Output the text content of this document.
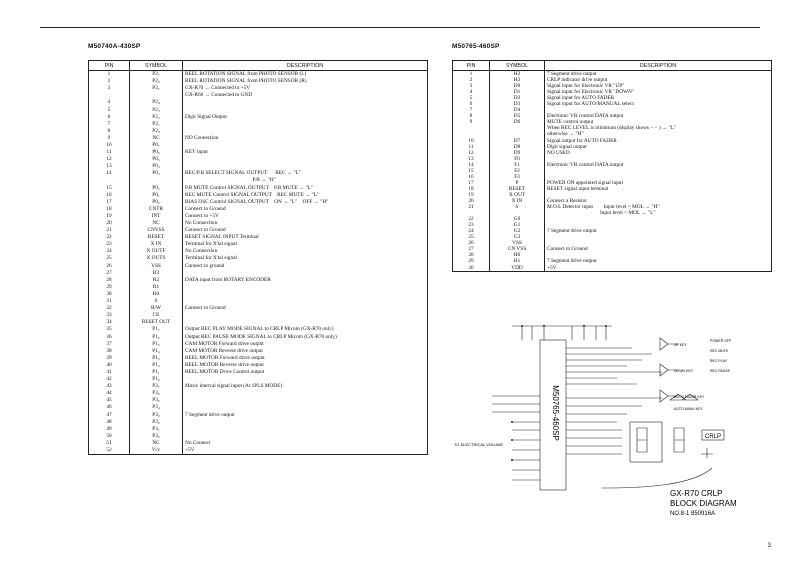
M50740A-430SP	M50765-460SP
PIN	SYMBOL	DESCRIPTION
1	P2₇	REEL ROTATION SIGNAL from PHOTO SENSOR (L)
2	P2₆	REEL ROTATION SIGNAL from PHOTO SENSOR (R)
3	P2₅	GX-R70 → Connected to +5V
		GX-R60 → Connected to GND
4	P2₄	
5	P2₃	
6	P2₂	Digit Signal Output
7	P2₁	
8	P2₀	
9	NC	NO Connection
10	P0₇	
11	P0₆	KEY input
12	P0₅	
13	P0₄	
14	P0₃	REC/P.B SELECT SIGNAL OUTPUT      REC → "L"
		P.B → "H"
15	P0₂	P.B MUTE Control SIGNAL OUTPUT    P.B MUTE → "L"
16	P0₁	REC MUTE Control SIGNAL OUTPUT    REC MUTE → "L"
17	P0₀	BIAS OSC Control SIGNAL OUTPUT    ON → "L"    OFF → "H"
18	CNTR	Connect to Ground
19	INT	Connect to +5V
20	NC	No Connection
21	CNVSS	Connect to Ground
22	RESET	RESET SIGNAL INPUT Terminal
23	X IN	Terminal for X'tal signal
24	X OUTF	No Connection
25	X OUTS	Terminal for X'tal signal
26	VSS	Connect to ground
27	R3	
28	R2	DATA input from ROTARY ENCODER
29	R1	
30	R0	
31	0	
32	R/W	Connect to Ground
33	CE	
34	RESET OUT	
35	P1₇	Output REC PLAY MODE SIGNAL to CRLP Micom (GX-R70 only)
36	P1₆	Output REC PAUSE MODE SIGNAL to CRLP Micom (GX-R70 only)
37	P1₅	CAM MOTOR Forward drive output
38	P1₄	CAM MOTOR Reverse drive output
39	P1₃	REEL MOTOR Forward drive output
40	P1₂	REEL MOTOR Reverse drive output
41	P1₁	REEL MOTOR Drive Control output
42	P1₀	
43	P3₇	Music interval signal input (At 1PLS MODE)
44	P3₆	
45	P3₅	
46	P3₄	
47	P3₃	7 Segment drive output
48	P3₂	
49	P3₁	
50	P3₀	
51	NC	No Connect
52	Vcc	+5V
PIN	SYMBOL	DESCRIPTION
1	H2	7 Segment drive output
2	H3	CRLP indicator drive output
3	D0	Signal input for Electronic VR "UP"
4	D1	Signal input for Electronic VR "DOWN"
5	D2	Signal input for AUTO FADER
6	D3	Signal input for AUTO/MANUAL select
7	D4	
8	D5	Electronic VR control DATA output
9	D6	MUTE control output
		When REC LEVEL is minimum (display shows − − ) → "L"
		otherwise → "H"
10	D7	Signal output for AUTO FADER
11	D8	Digit signal output
12	D9	NO USED
13	F0	
14	F1	Electronic VR control DATA output
15	F2	
16	F3	
17	P	POWER ON appointed signal input
18	RESET	RESET signal input terminal
19	X OUT	
20	X IN	Connect a Resistor
21	S	M.O.L Detector input        Input level > MOL → "H"
		Input level < MOL → "L"
22	G0	
23	G1	
24	G2	7 Segment drive output
25	G3	
26	VSS	
27	CN VSS	Connect to Ground
28	H0	
29	H1	7 Segment drive output
30	VDD	+5V
M50765-460SP
TO ELECTRICAL VOLUME
UP KEY
DOWN KEY
AUTO FADER KEY
AUTO MANU KEY
POWER OFF
REC MUTE
REC PLAY
REC PAUSE
CRLP
GX-R70 CRLP
BLOCK DIAGRAM
NO.8-1 850916A
3
